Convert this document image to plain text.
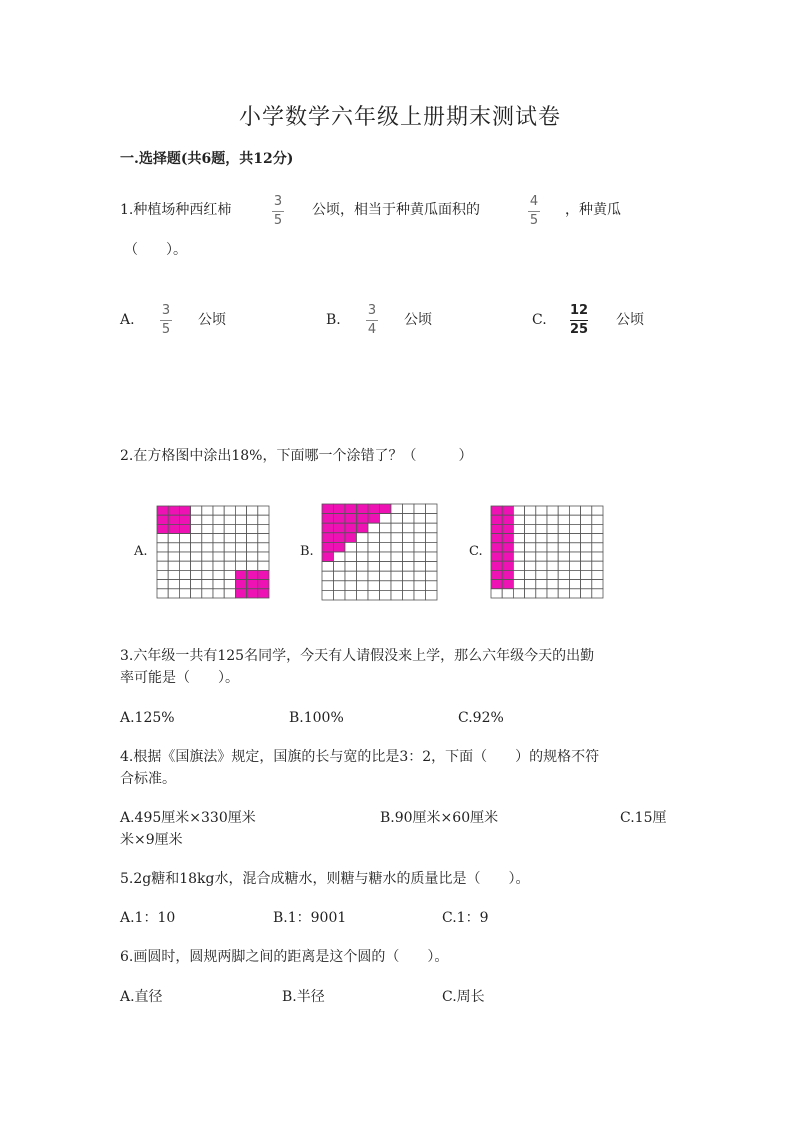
小学数学六年级上册期末测试卷
一.选择题(共6题，共12分)
1.种植场种西红柿
3
5
公顷，相当于种黄瓜面积的
4
5
，种黄瓜
（　　）。
A.
3
5
公顷	B.
3
4
公顷	C.
12
25
公顷
2.在方格图中涂出18%，下面哪一个涂错了？（　　　）
A.	B.	C.
3.六年级一共有125名同学，今天有人请假没来上学，那么六年级今天的出勤
率可能是（　　）。
A.125%	B.100%	C.92%
4.根据《国旗法》规定，国旗的长与宽的比是3：2，下面（　　）的规格不符
合标准。
A.495厘米×330厘米	B.90厘米×60厘米	C.15厘
米×9厘米
5.2g糖和18kg水，混合成糖水，则糖与糖水的质量比是（　　）。
A.1：10	B.1：9001	C.1：9
6.画圆时，圆规两脚之间的距离是这个圆的（　　）。
A.直径	B.半径	C.周长
